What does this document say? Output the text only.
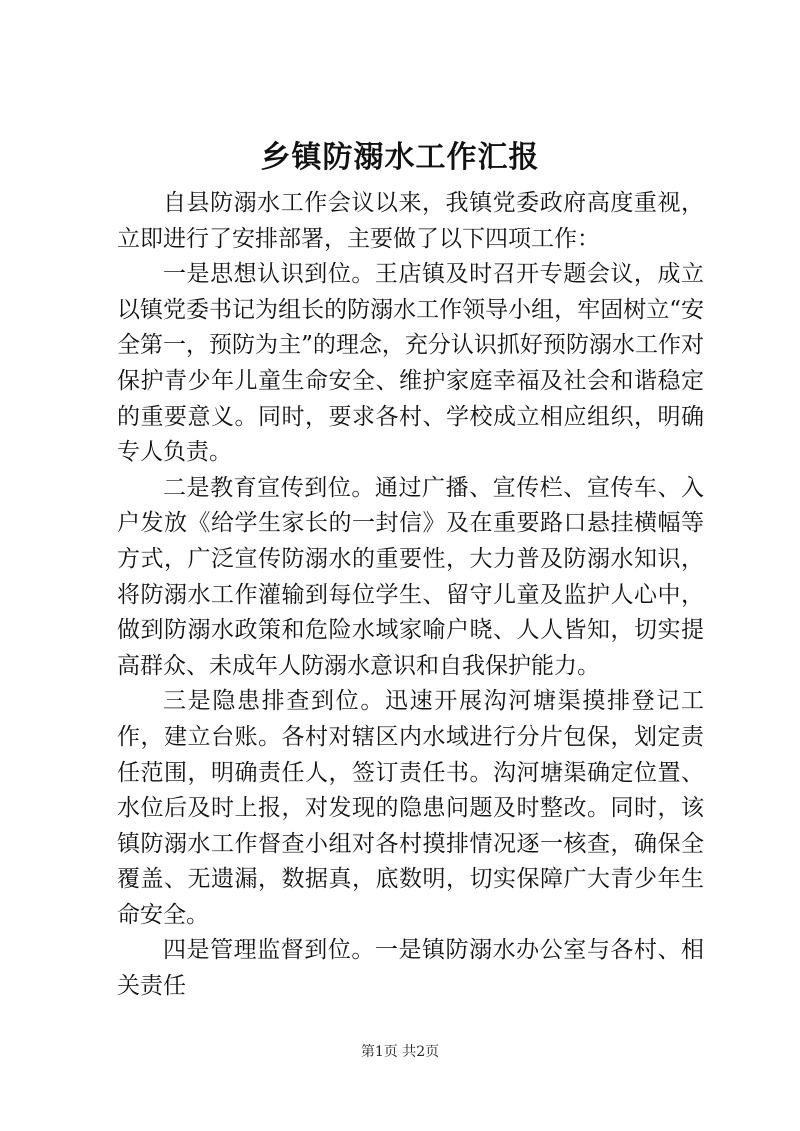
乡镇防溺水工作汇报

自县防溺水工作会议以来，我镇党委政府高度重视，立即进行了安排部署，主要做了以下四项工作：

一是思想认识到位。王店镇及时召开专题会议，成立以镇党委书记为组长的防溺水工作领导小组，牢固树立“安全第一，预防为主”的理念，充分认识抓好预防溺水工作对保护青少年儿童生命安全、维护家庭幸福及社会和谐稳定的重要意义。同时，要求各村、学校成立相应组织，明确专人负责。

二是教育宣传到位。通过广播、宣传栏、宣传车、入户发放《给学生家长的一封信》及在重要路口悬挂横幅等方式，广泛宣传防溺水的重要性，大力普及防溺水知识，将防溺水工作灌输到每位学生、留守儿童及监护人心中，做到防溺水政策和危险水域家喻户晓、人人皆知，切实提高群众、未成年人防溺水意识和自我保护能力。

三是隐患排查到位。迅速开展沟河塘渠摸排登记工作，建立台账。各村对辖区内水域进行分片包保，划定责任范围，明确责任人，签订责任书。沟河塘渠确定位置、水位后及时上报，对发现的隐患问题及时整改。同时，该镇防溺水工作督查小组对各村摸排情况逐一核查，确保全覆盖、无遗漏，数据真，底数明，切实保障广大青少年生命安全。

四是管理监督到位。一是镇防溺水办公室与各村、相关责任

第1页 共2页
